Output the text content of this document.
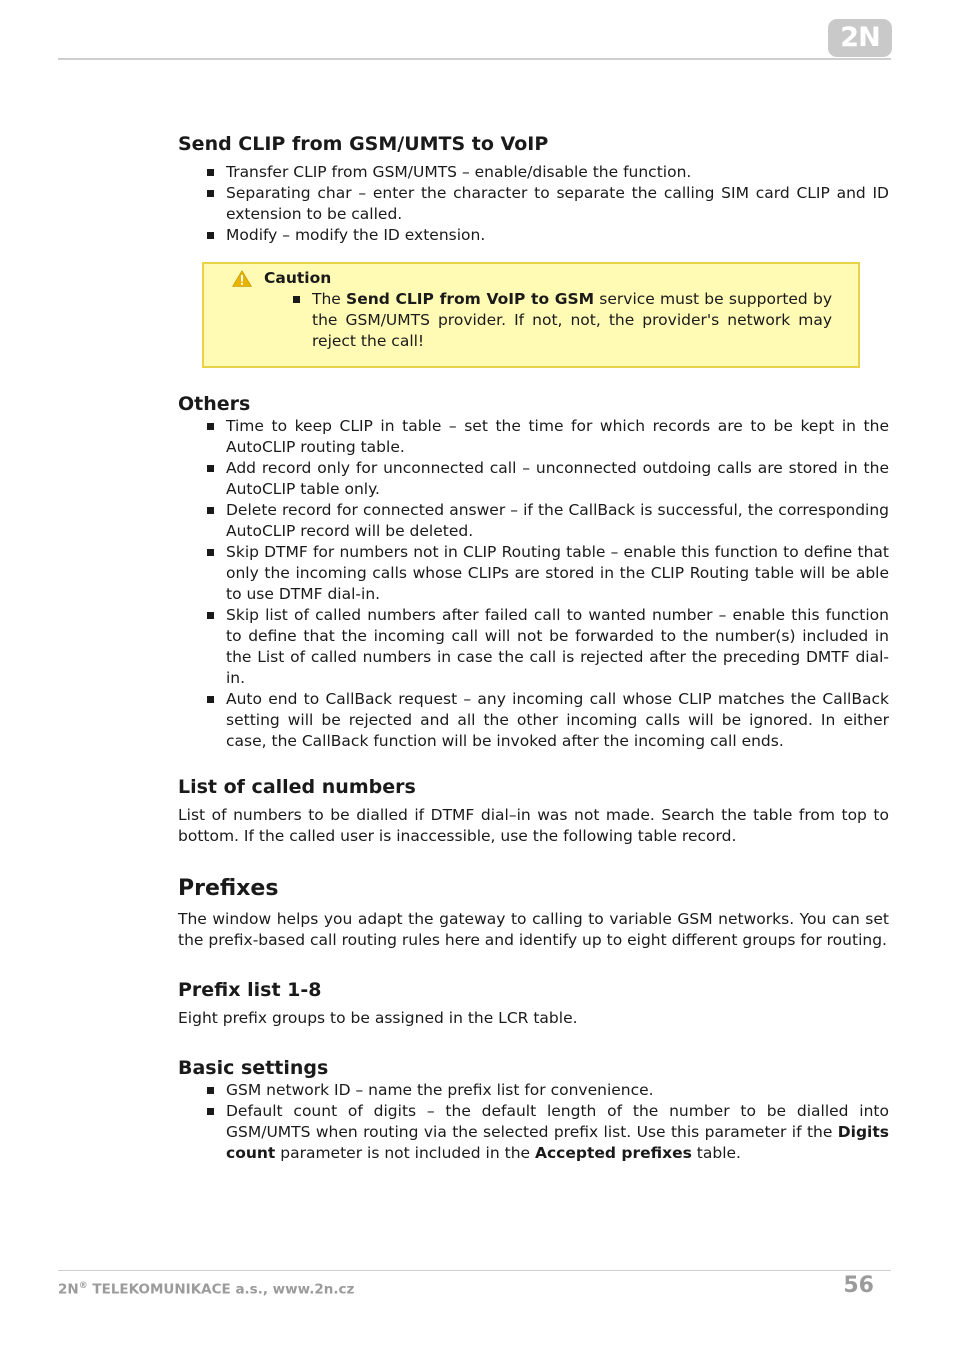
2N
Send CLIP from GSM/UMTS to VoIP
Transfer CLIP from GSM/UMTS – enable/disable the function.
Separating char – enter the character to separate the calling SIM card CLIP and ID extension to be called.
Modify – modify the ID extension.
Caution
The Send CLIP from VoIP to GSM service must be supported by the GSM/UMTS provider. If not, not, the provider's network may reject the call!
Others
Time to keep CLIP in table – set the time for which records are to be kept in the AutoCLIP routing table.
Add record only for unconnected call – unconnected outdoing calls are stored in the AutoCLIP table only.
Delete record for connected answer – if the CallBack is successful, the corresponding AutoCLIP record will be deleted.
Skip DTMF for numbers not in CLIP Routing table – enable this function to define that only the incoming calls whose CLIPs are stored in the CLIP Routing table will be able to use DTMF dial-in.
Skip list of called numbers after failed call to wanted number – enable this function to define that the incoming call will not be forwarded to the number(s) included in the List of called numbers in case the call is rejected after the preceding DMTF dial-in.
Auto end to CallBack request – any incoming call whose CLIP matches the CallBack setting will be rejected and all the other incoming calls will be ignored. In either case, the CallBack function will be invoked after the incoming call ends.
List of called numbers

List of numbers to be dialled if DTMF dial–in was not made. Search the table from top to bottom. If the called user is inaccessible, use the following table record.

Prefixes

The window helps you adapt the gateway to calling to variable GSM networks. You can set the prefix-based call routing rules here and identify up to eight different groups for routing.

Prefix list 1-8

Eight prefix groups to be assigned in the LCR table.

Basic settings
GSM network ID – name the prefix list for convenience.
Default count of digits – the default length of the number to be dialled into GSM/UMTS when routing via the selected prefix list. Use this parameter if the Digits count parameter is not included in the Accepted prefixes table.
2N® TELEKOMUNIKACE a.s., www.2n.cz	56
